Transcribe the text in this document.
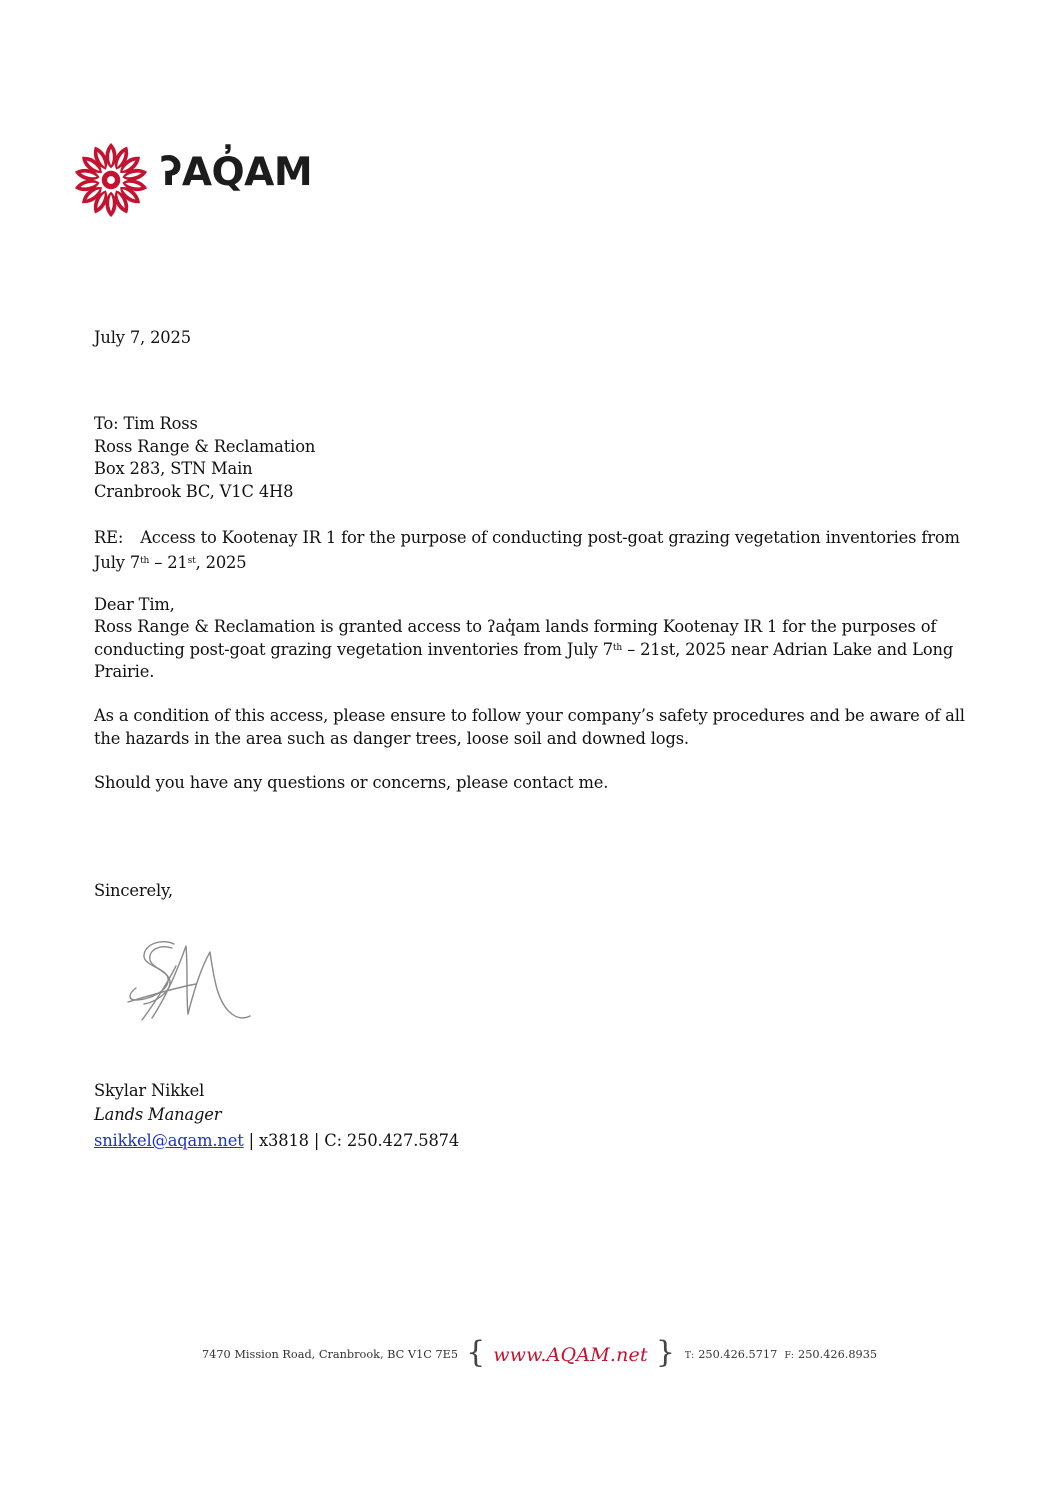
ʔAQ̓AM
July 7, 2025
To: Tim Ross
Ross Range & Reclamation
Box 283, STN Main
Cranbrook BC, V1C 4H8
RE: Access to Kootenay IR 1 for the purpose of conducting post-goat grazing vegetation inventories from
July 7th – 21st, 2025
Dear Tim,
Ross Range & Reclamation is granted access to ʔaq̓am lands forming Kootenay IR 1 for the purposes of
conducting post-goat grazing vegetation inventories from July 7th – 21st, 2025 near Adrian Lake and Long
Prairie.
As a condition of this access, please ensure to follow your company’s safety procedures and be aware of all
the hazards in the area such as danger trees, loose soil and downed logs.
Should you have any questions or concerns, please contact me.
Sincerely,
Skylar Nikkel
Lands Manager
snikkel@aqam.net | x3818 | C: 250.427.5874
7470 Mission Road, Cranbrook, BC V1C 7E5 { www.AQAM.net } T: 250.426.5717 F: 250.426.8935
